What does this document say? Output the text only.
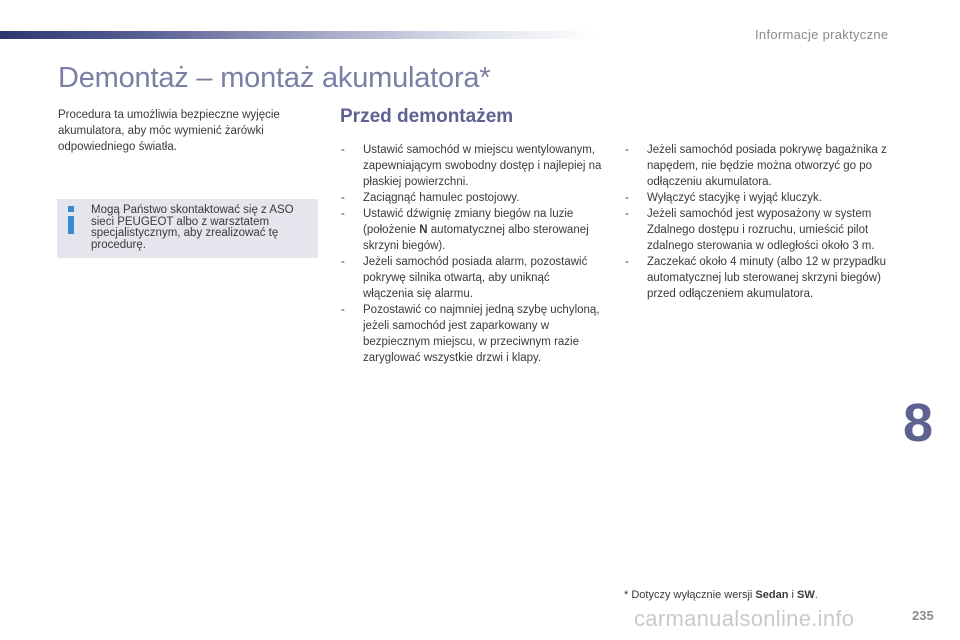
Informacje praktyczne
Demontaż – montaż akumulatora*

Procedura ta umożliwia bezpieczne wyjęcie akumulatora, aby móc wymienić żarówki odpowiedniego światła.

Mogą Państwo skontaktować się z ASO sieci PEUGEOT albo z warsztatem specjalistycznym, aby zrealizować tę procedurę.

Przed demontażem
- Ustawić samochód w miejscu wentylowanym, zapewniającym swobodny dostęp i najlepiej na płaskiej powierzchni.
- Zaciągnąć hamulec postojowy.
- Ustawić dźwignię zmiany biegów na luzie (położenie N automatycznej albo sterowanej skrzyni biegów).
- Jeżeli samochód posiada alarm, pozostawić pokrywę silnika otwartą, aby uniknąć włączenia się alarmu.
- Pozostawić co najmniej jedną szybę uchyloną, jeżeli samochód jest zaparkowany w bezpiecznym miejscu, w przeciwnym razie zaryglować wszystkie drzwi i klapy.
- Jeżeli samochód posiada pokrywę bagażnika z napędem, nie będzie można otworzyć go po odłączeniu akumulatora.
- Wyłączyć stacyjkę i wyjąć kluczyk.
- Jeżeli samochód jest wyposażony w system Zdalnego dostępu i rozruchu, umieścić pilot zdalnego sterowania w odległości około 3 m.
- Zaczekać około 4 minuty (albo 12 w przypadku automatycznej lub sterowanej skrzyni biegów) przed odłączeniem akumulatora.
8
* Dotyczy wyłącznie wersji Sedan i SW.
carmanualsonline.info	235
